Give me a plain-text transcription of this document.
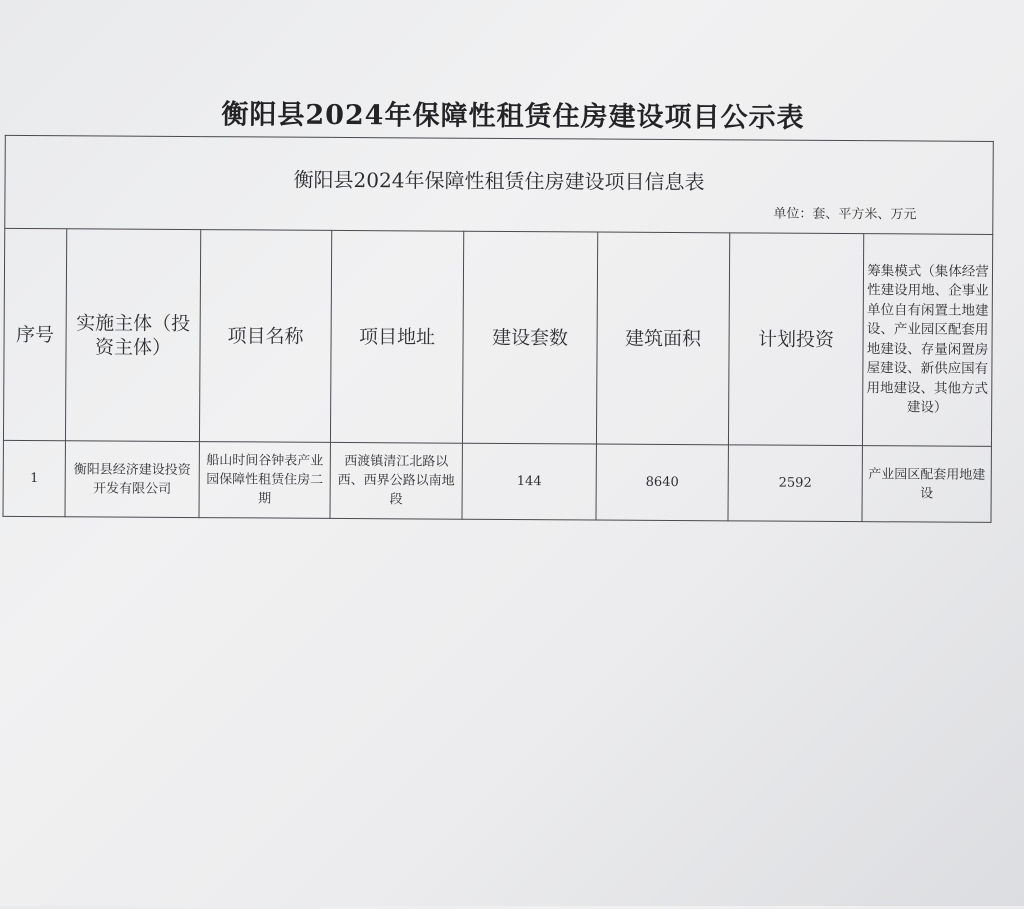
衡阳县2024年保障性租赁住房建设项目公示表
衡阳县2024年保障性租赁住房建设项目信息表
单位：套、平方米、万元							

序号	实施主体（投资主体）	项目名称	项目地址	建设套数	建筑面积	计划投资	筹集模式（集体经营性建设用地、企事业单位自有闲置土地建设、产业园区配套用地建设、存量闲置房屋建设、新供应国有用地建设、其他方式建设）
1	衡阳县经济建设投资开发有限公司	船山时间谷钟表产业园保障性租赁住房二期	西渡镇清江北路以西、西界公路以南地段	144	8640	2592	产业园区配套用地建设
